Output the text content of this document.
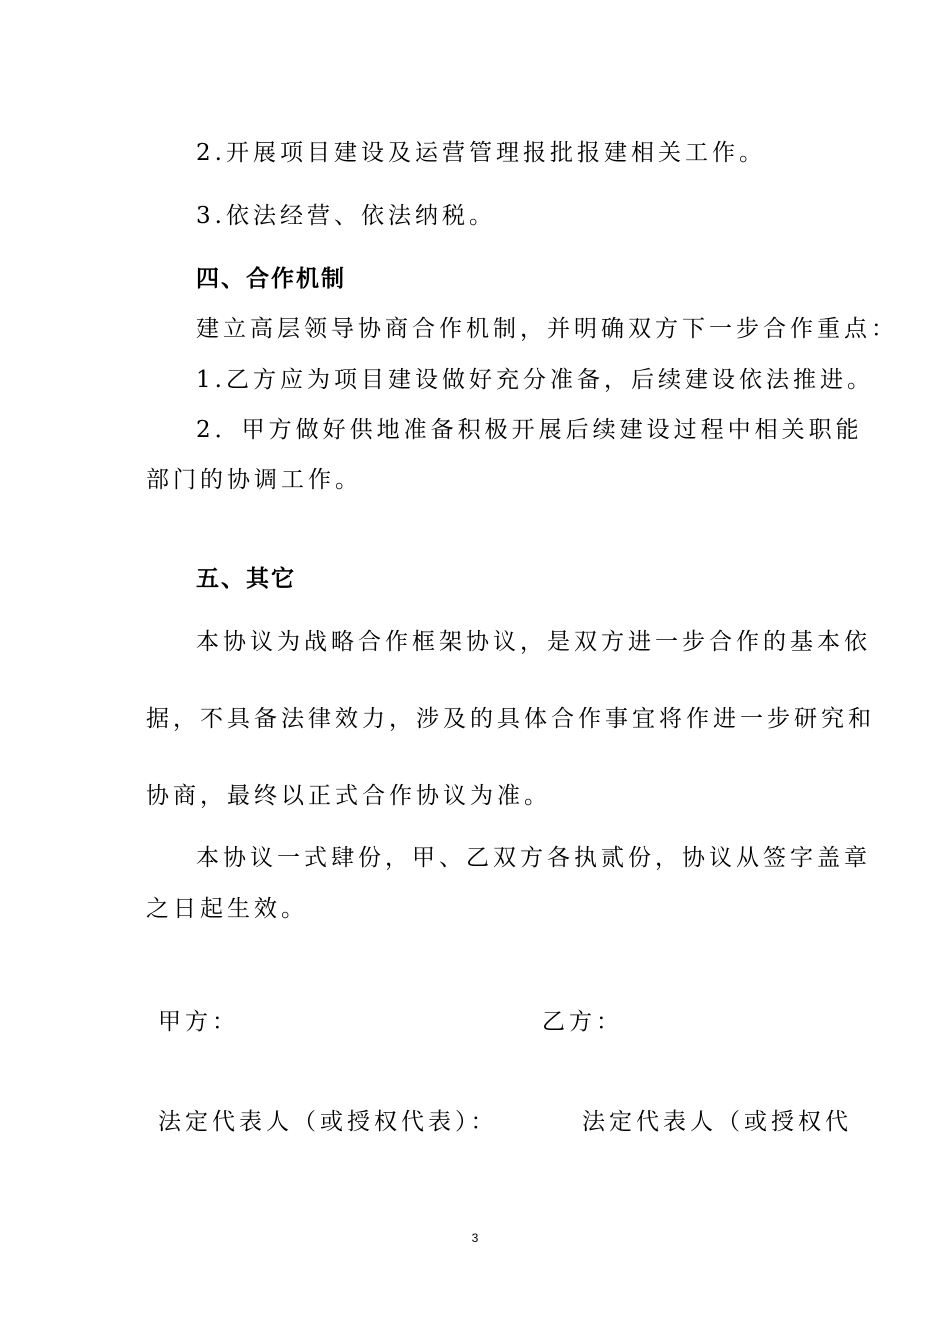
2.开展项目建设及运营管理报批报建相关工作。
3.依法经营、依法纳税。
四、合作机制
建立高层领导协商合作机制，并明确双方下一步合作重点：
1.乙方应为项目建设做好充分准备，后续建设依法推进。
2．甲方做好供地准备积极开展后续建设过程中相关职能
部门的协调工作。
五、其它
本协议为战略合作框架协议，是双方进一步合作的基本依
据，不具备法律效力，涉及的具体合作事宜将作进一步研究和
协商，最终以正式合作协议为准。
本协议一式肆份，甲、乙双方各执贰份，协议从签字盖章
之日起生效。
甲方：	乙方：
法定代表人（或授权代表）：	法定代表人（或授权代
3
